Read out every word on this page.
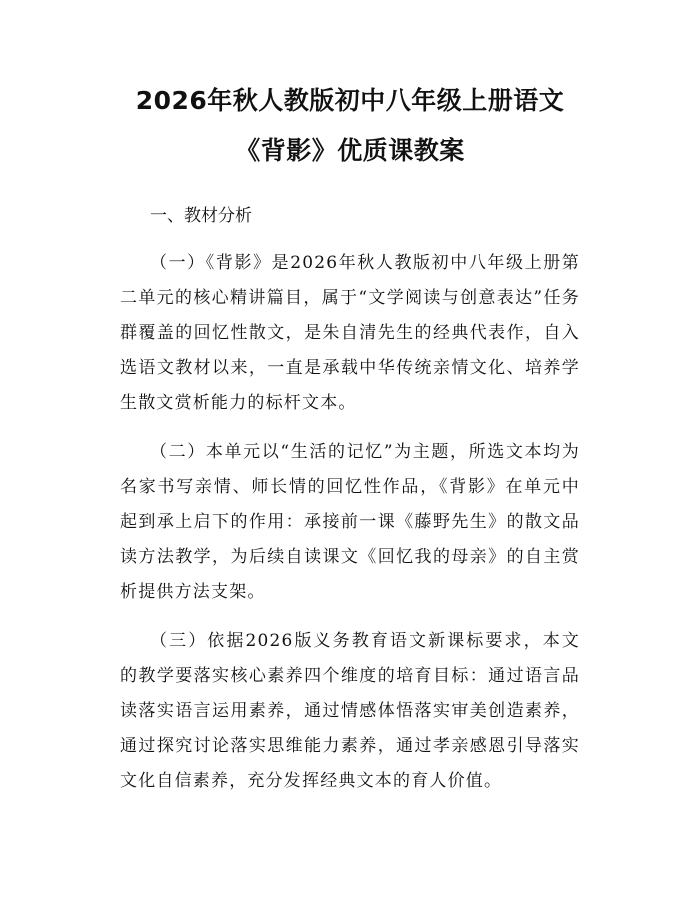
2026年秋人教版初中八年级上册语文《背影》优质课教案

一、教材分析

（一）《背影》是2026年秋人教版初中八年级上册第二单元的核心精讲篇目，属于“文学阅读与创意表达”任务群覆盖的回忆性散文，是朱自清先生的经典代表作，自入选语文教材以来，一直是承载中华传统亲情文化、培养学生散文赏析能力的标杆文本。

（二）本单元以“生活的记忆”为主题，所选文本均为名家书写亲情、师长情的回忆性作品，《背影》在单元中起到承上启下的作用：承接前一课《藤野先生》的散文品读方法教学，为后续自读课文《回忆我的母亲》的自主赏析提供方法支架。

（三）依据2026版义务教育语文新课标要求，本文的教学要落实核心素养四个维度的培育目标：通过语言品读落实语言运用素养，通过情感体悟落实审美创造素养，通过探究讨论落实思维能力素养，通过孝亲感恩引导落实文化自信素养，充分发挥经典文本的育人价值。
